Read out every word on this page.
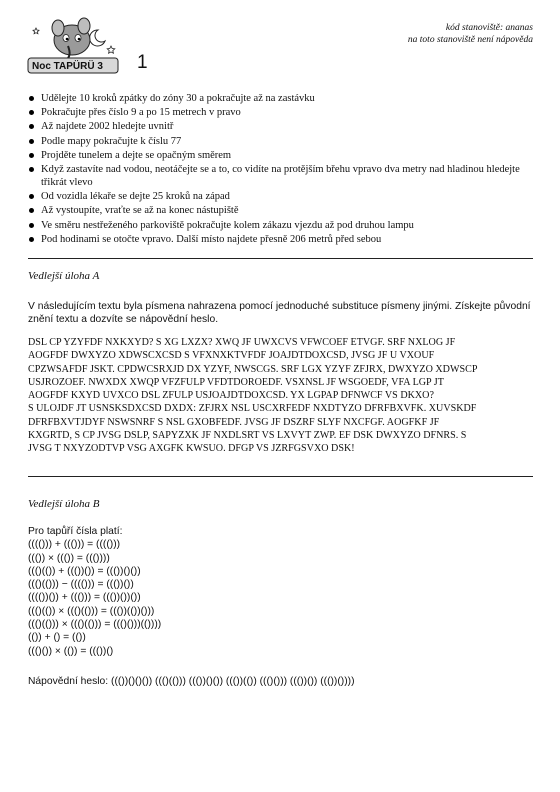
Noc TAPÜRÜ 3 1
kód stanoviště: ananas
na toto stanoviště není nápověda
Udělejte 10 kroků zpátky do zóny 30 a pokračujte až na zastávku
Pokračujte přes číslo 9 a po 15 metrech v pravo
Až najdete 2002 hledejte uvnitř
Podle mapy pokračujte k číslu 77
Projděte tunelem a dejte se opačným směrem
Když zastavíte nad vodou, neotáčejte se a to, co vidíte na protějším břehu vpravo dva metry nad hladinou hledejte třikrát vlevo
Od vozidla lékaře se dejte 25 kroků na západ
Až vystoupíte, vraťte se až na konec nástupiště
Ve směru nestřeženého parkoviště pokračujte kolem zákazu vjezdu až pod druhou lampu
Pod hodinami se otočte vpravo. Další místo najdete přesně 206 metrů před sebou
Vedlejší úloha A
V následujícím textu byla písmena nahrazena pomocí jednoduché substituce písmeny jinými. Získejte původní znění textu a dozvíte se nápovědní heslo.
DSL CP YZYFDF NXKXYD? S XG LXZX? XWQ JF UWXCVS VFWCOEF ETVGF. SRF NXLOG JF
AOGFDF DWXYZO XDWSCXCSD S VFXNXKTVFDF JOAJDTDOXCSD, JVSG JF U VXOUF
CPZWSAFDF JSKT. CPDWCSRXJD DX YZYF, NWSCGS. SRF LGX YZYF ZFJRX, DWXYZO XDWSCP
USJROZOEF. NWXDX XWQP VFZFULP VFDTDOROEDF. VSXNSL JF WSGOEDF, VFA LGP JT
AOGFDF KXYD UVXCO DSL ZFULP USJOAJDTDOXCSD. YX LGPAP DFNWCF VS DKXO?
S ULOJDF JT USNSKSDXCSD DXDX: ZFJRX NSL USCXRFEDF NXDTYZO DFRFBXVFK. XUVSKDF
DFRFBXVTJDYF NSWSNRF S NSL GXOBFEDF. JVSG JF DSZRF SLYF NXCFGF. AOGFKF JF
KXGRTD, S CP JVSG DSLP, SAPYZXK JF NXDLSRT VS LXVYT ZWP. EF DSK DWXYZO DFNRS. S
JVSG T NXYZODTVP VSG AXGFK KWSUO. DFGP VS JZRFGSVXO DSK!
Vedlejší úloha B
Pro tapůří čísla platí:
(((())) + ((())) = (((()))
((()) × ((()) = ((())))
((()(()) + ((())()) = ((())()())
((()(())) − (((())) = ((())())
(((())()) + ((())) = ((())())())
((()(()) × ((()(())) = ((())(())()))
((()(())) × ((()(())) = ((()()))(())))
(()) + () = (())
((()()) × (()) = ((())()
Nápovědní heslo: ((())()()()) ((()(())) ((())()()) ((())(()) ((()())) ((())()) ((())())))
